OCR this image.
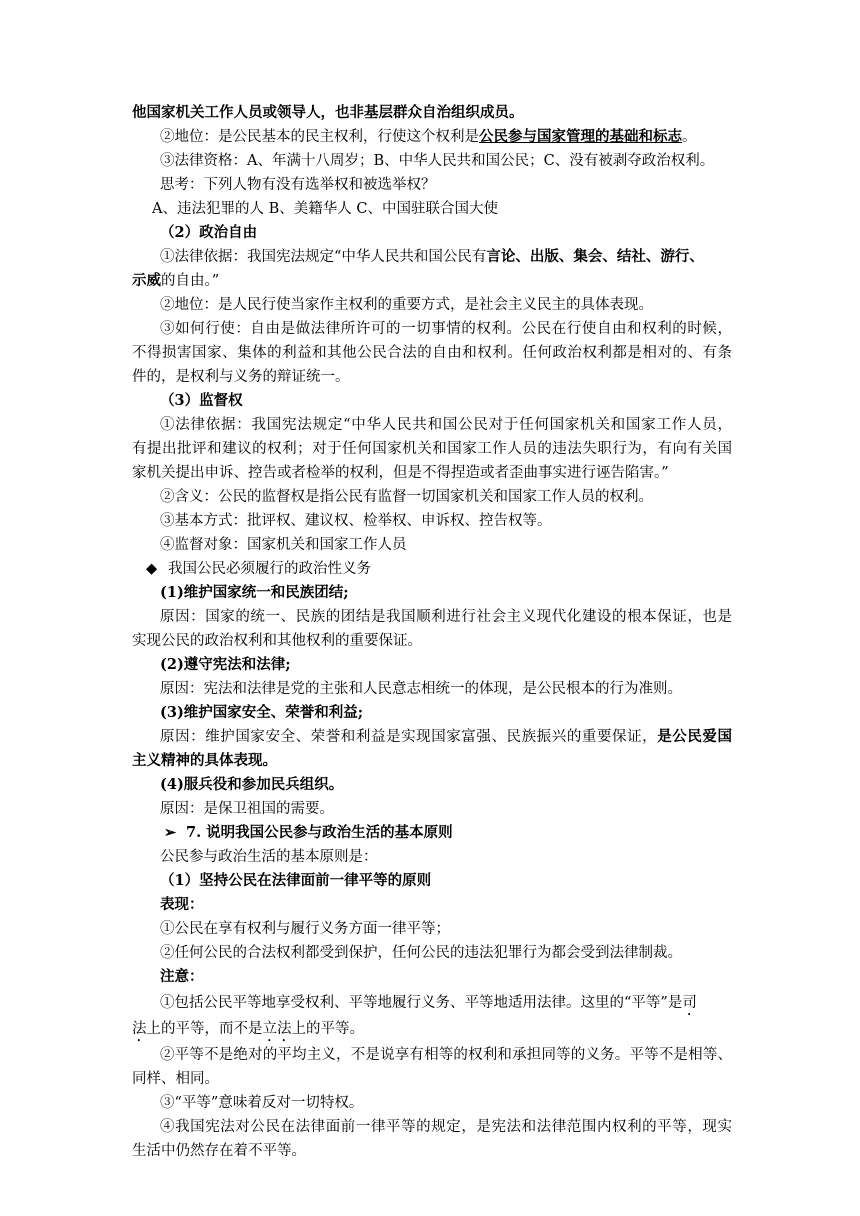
他国家机关工作人员或领导人，也非基层群众自治组织成员。
②地位：是公民基本的民主权利，行使这个权利是公民参与国家管理的基础和标志。
③法律资格：A、年满十八周岁；B、中华人民共和国公民；C、没有被剥夺政治权利。
思考：下列人物有没有选举权和被选举权？
A、违法犯罪的人 B、美籍华人 C、中国驻联合国大使
（2）政治自由
①法律依据：我国宪法规定“中华人民共和国公民有言论、出版、集会、结社、游行、
示威的自由。”
②地位：是人民行使当家作主权利的重要方式，是社会主义民主的具体表现。
③如何行使：自由是做法律所许可的一切事情的权利。公民在行使自由和权利的时候，
不得损害国家、集体的利益和其他公民合法的自由和权利。任何政治权利都是相对的、有条
件的，是权利与义务的辩证统一。
（3）监督权
①法律依据：我国宪法规定“中华人民共和国公民对于任何国家机关和国家工作人员，
有提出批评和建议的权利；对于任何国家机关和国家工作人员的违法失职行为，有向有关国
家机关提出申诉、控告或者检举的权利，但是不得捏造或者歪曲事实进行诬告陷害。”
②含义：公民的监督权是指公民有监督一切国家机关和国家工作人员的权利。
③基本方式：批评权、建议权、检举权、申诉权、控告权等。
④监督对象：国家机关和国家工作人员
◆ 我国公民必须履行的政治性义务
(1)维护国家统一和民族团结;
原因：国家的统一、民族的团结是我国顺利进行社会主义现代化建设的根本保证，也是
实现公民的政治权利和其他权利的重要保证。
(2)遵守宪法和法律;
原因：宪法和法律是党的主张和人民意志相统一的体现，是公民根本的行为准则。
(3)维护国家安全、荣誉和利益;
原因：维护国家安全、荣誉和利益是实现国家富强、民族振兴的重要保证，是公民爱国
主义精神的具体表现。
(4)服兵役和参加民兵组织。
原因：是保卫祖国的需要。
➢ 7. 说明我国公民参与政治生活的基本原则
公民参与政治生活的基本原则是：
（1）坚持公民在法律面前一律平等的原则
表现：
①公民在享有权利与履行义务方面一律平等；
②任何公民的合法权利都受到保护，任何公民的违法犯罪行为都会受到法律制裁。
注意：
①包括公民平等地享受权利、平等地履行义务、平等地适用法律。这里的“平等”是司
法上的平等，而不是立法上的平等。
②平等不是绝对的平均主义，不是说享有相等的权利和承担同等的义务。平等不是相等、
同样、相同。
③“平等”意味着反对一切特权。
④我国宪法对公民在法律面前一律平等的规定，是宪法和法律范围内权利的平等，现实
生活中仍然存在着不平等。
